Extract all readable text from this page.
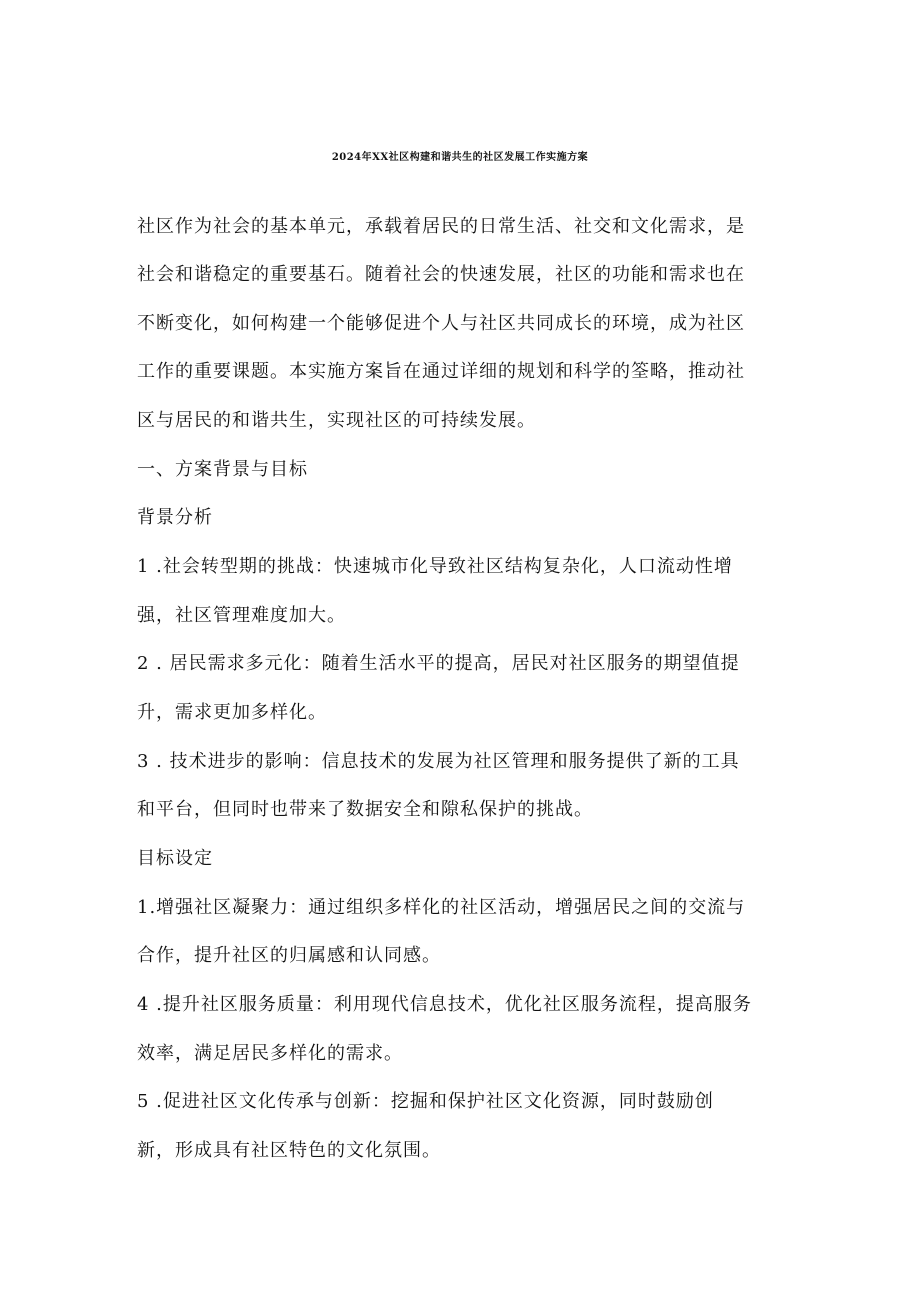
2024年XX社区构建和谐共生的社区发展工作实施方案
社区作为社会的基本单元，承载着居民的日常生活、社交和文化需求，是
社会和谐稳定的重要基石。随着社会的快速发展，社区的功能和需求也在
不断变化，如何构建一个能够促进个人与社区共同成长的环境，成为社区
工作的重要课题。本实施方案旨在通过详细的规划和科学的筌略，推动社
区与居民的和谐共生，实现社区的可持续发展。
一、方案背景与目标
背景分析
1 .社会转型期的挑战：快速城市化导致社区结构复杂化，人口流动性增
强，社区管理难度加大。
2 . 居民需求多元化：随着生活水平的提高，居民对社区服务的期望值提
升，需求更加多样化。
3 . 技术进步的影响：信息技术的发展为社区管理和服务提供了新的工具
和平台，但同时也带来了数据安全和隙私保护的挑战。
目标设定
1.增强社区凝聚力：通过组织多样化的社区活动，增强居民之间的交流与
合作，提升社区的归属感和认同感。
4 .提升社区服务质量：利用现代信息技术，优化社区服务流程，提高服务
效率，满足居民多样化的需求。
5 .促进社区文化传承与创新：挖掘和保护社区文化资源，同时鼓励创
新，形成具有社区特色的文化氛围。
